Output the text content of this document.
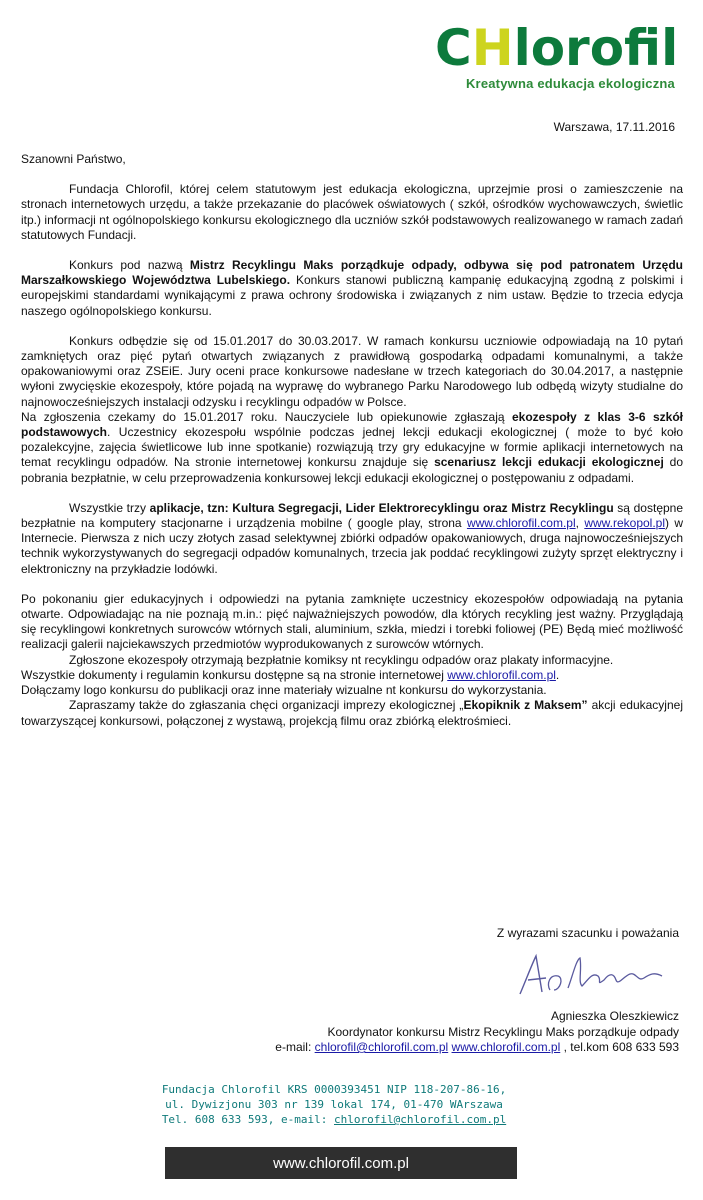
CHlorofil
Kreatywna edukacja ekologiczna
Warszawa, 17.11.2016

Szanowni Państwo,

Fundacja Chlorofil, której celem statutowym jest edukacja ekologiczna, uprzejmie prosi o zamieszczenie na stronach internetowych urzędu, a także przekazanie do placówek oświatowych ( szkół, ośrodków wychowawczych, świetlic itp.) informacji nt ogólnopolskiego konkursu ekologicznego dla uczniów szkół podstawowych realizowanego w ramach zadań statutowych Fundacji.

Konkurs pod nazwą Mistrz Recyklingu Maks porządkuje odpady, odbywa się pod patronatem Urzędu Marszałkowskiego Województwa Lubelskiego. Konkurs stanowi publiczną kampanię edukacyjną zgodną z polskimi i europejskimi standardami wynikającymi z prawa ochrony środowiska i związanych z nim ustaw. Będzie to trzecia edycja naszego ogólnopolskiego konkursu.

Konkurs odbędzie się od 15.01.2017 do 30.03.2017. W ramach konkursu uczniowie odpowiadają na 10 pytań zamkniętych oraz pięć pytań otwartych związanych z prawidłową gospodarką odpadami komunalnymi, a także opakowaniowymi oraz ZSEiE. Jury oceni prace konkursowe nadesłane w trzech kategoriach do 30.04.2017, a następnie wyłoni zwycięskie ekozespoły, które pojadą na wyprawę do wybranego Parku Narodowego lub odbędą wizyty studialne do najnowocześniejszych instalacji odzysku i recyklingu odpadów w Polsce.

Na zgłoszenia czekamy do 15.01.2017 roku. Nauczyciele lub opiekunowie zgłaszają ekozespoły z klas 3-6 szkół podstawowych. Uczestnicy ekozespołu wspólnie podczas jednej lekcji edukacji ekologicznej ( może to być koło pozalekcyjne, zajęcia świetlicowe lub inne spotkanie) rozwiązują trzy gry edukacyjne w formie aplikacji internetowych na temat recyklingu odpadów. Na stronie internetowej konkursu znajduje się scenariusz lekcji edukacji ekologicznej do pobrania bezpłatnie, w celu przeprowadzenia konkursowej lekcji edukacji ekologicznej o postępowaniu z odpadami.

Wszystkie trzy aplikacje, tzn: Kultura Segregacji, Lider Elektrorecyklingu oraz Mistrz Recyklingu są dostępne bezpłatnie na komputery stacjonarne i urządzenia mobilne ( google play, strona www.chlorofil.com.pl, www.rekopol.pl) w Internecie. Pierwsza z nich uczy złotych zasad selektywnej zbiórki odpadów opakowaniowych, druga najnowocześniejszych technik wykorzystywanych do segregacji odpadów komunalnych, trzecia jak poddać recyklingowi zużyty sprzęt elektryczny i elektroniczny na przykładzie lodówki.

Po pokonaniu gier edukacyjnych i odpowiedzi na pytania zamknięte uczestnicy ekozespołów odpowiadają na pytania otwarte. Odpowiadając na nie poznają m.in.: pięć najważniejszych powodów, dla których recykling jest ważny. Przyglądają się recyklingowi konkretnych surowców wtórnych stali, aluminium, szkła, miedzi i torebki foliowej (PE) Będą mieć możliwość realizacji galerii najciekawszych przedmiotów wyprodukowanych z surowców wtórnych.

Zgłoszone ekozespoły otrzymają bezpłatnie komiksy nt recyklingu odpadów oraz plakaty informacyjne.

Wszystkie dokumenty i regulamin konkursu dostępne są na stronie internetowej www.chlorofil.com.pl.

Dołączamy logo konkursu do publikacji oraz inne materiały wizualne nt konkursu do wykorzystania.

Zapraszamy także do zgłaszania chęci organizacji imprezy ekologicznej „Ekopiknik z Maksem” akcji edukacyjnej towarzyszącej konkursowi, połączonej z wystawą, projekcją filmu oraz zbiórką elektrośmieci.

Z wyrazami szacunku i poważania
Agnieszka Oleszkiewicz
Koordynator konkursu Mistrz Recyklingu Maks porządkuje odpady
e-mail: chlorofil@chlorofil.com.pl www.chlorofil.com.pl , tel.kom 608 633 593
Fundacja Chlorofil KRS 0000393451 NIP 118-207-86-16,
ul. Dywizjonu 303 nr 139 lokal 174, 01-470 WArszawa
Tel. 608 633 593, e-mail: chlorofil@chlorofil.com.pl
www.chlorofil.com.pl
